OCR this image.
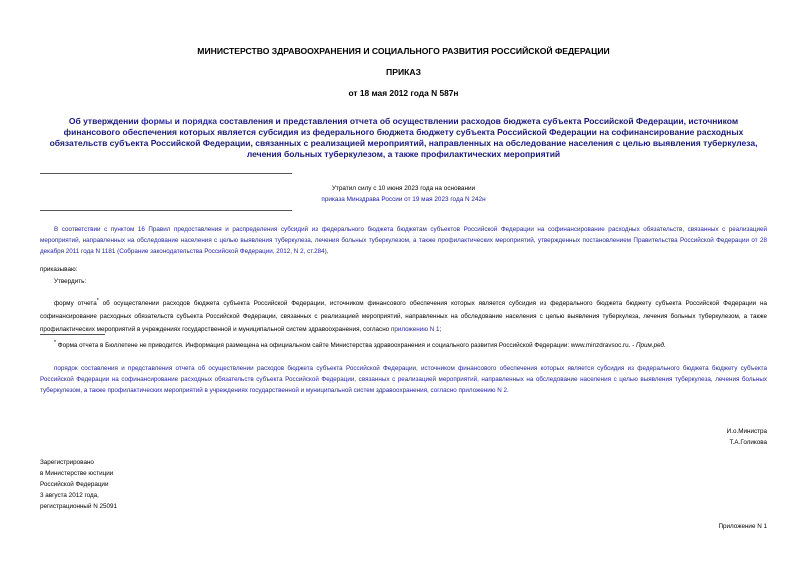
МИНИСТЕРСТВО ЗДРАВООХРАНЕНИЯ И СОЦИАЛЬНОГО РАЗВИТИЯ РОССИЙСКОЙ ФЕДЕРАЦИИ
ПРИКАЗ
от 18 мая 2012 года N 587н
Об утверждении формы и порядка составления и представления отчета об осуществлении расходов бюджета субъекта Российской Федерации, источником финансового обеспечения которых является субсидия из федерального бюджета бюджету субъекта Российской Федерации на софинансирование расходных обязательств субъекта Российской Федерации, связанных с реализацией мероприятий, направленных на обследование населения с целью выявления туберкулеза, лечения больных туберкулезом, а также профилактических мероприятий
Утратил силу с 10 июня 2023 года на основании
приказа Минздрава России от 19 мая 2023 года N 242н
В соответствии с пунктом 16 Правил предоставления и распределения субсидий из федерального бюджета бюджетам субъектов Российской Федерации на софинансирование расходных обязательств, связанных с реализацией мероприятий, направленных на обследование населения с целью выявления туберкулеза, лечения больных туберкулезом, а также профилактических мероприятий, утвержденных постановлением Правительства Российской Федерации от 28 декабря 2011 года N 1181 (Собрание законодательства Российской Федерации, 2012, N 2, ст.284),
приказываю:
Утвердить:
форму отчета* об осуществлении расходов бюджета субъекта Российской Федерации, источником финансового обеспечения которых является субсидия из федерального бюджета бюджету субъекта Российской Федерации на софинансирование расходных обязательств субъекта Российской Федерации, связанных с реализацией мероприятий, направленных на обследование населения с целью выявления туберкулеза, лечения больных туберкулезом, а также профилактических мероприятий в учреждениях государственной и муниципальной систем здравоохранения, согласно приложению N 1;
* Форма отчета в Бюллетене не приводится. Информация размещена на официальном сайте Министерства здравоохранения и социального развития Российской Федерации: www.minzdravsoc.ru. - Прим.ред.
порядок составления и представления отчета об осуществлении расходов бюджета субъекта Российской Федерации, источником финансового обеспечения которых является субсидия из федерального бюджета бюджету субъекта Российской Федерации на софинансирование расходных обязательств субъекта Российской Федерации, связанных с реализацией мероприятий, направленных на обследование населения с целью выявления туберкулеза, лечения больных туберкулезом, а также профилактических мероприятий в учреждениях государственной и муниципальной систем здравоохранения, согласно приложению N 2.
И.о.Министра
Т.А.Голикова
Зарегистрировано
в Министерстве юстиции
Российской Федерации
3 августа 2012 года,
регистрационный N 25091
Приложение N 1
